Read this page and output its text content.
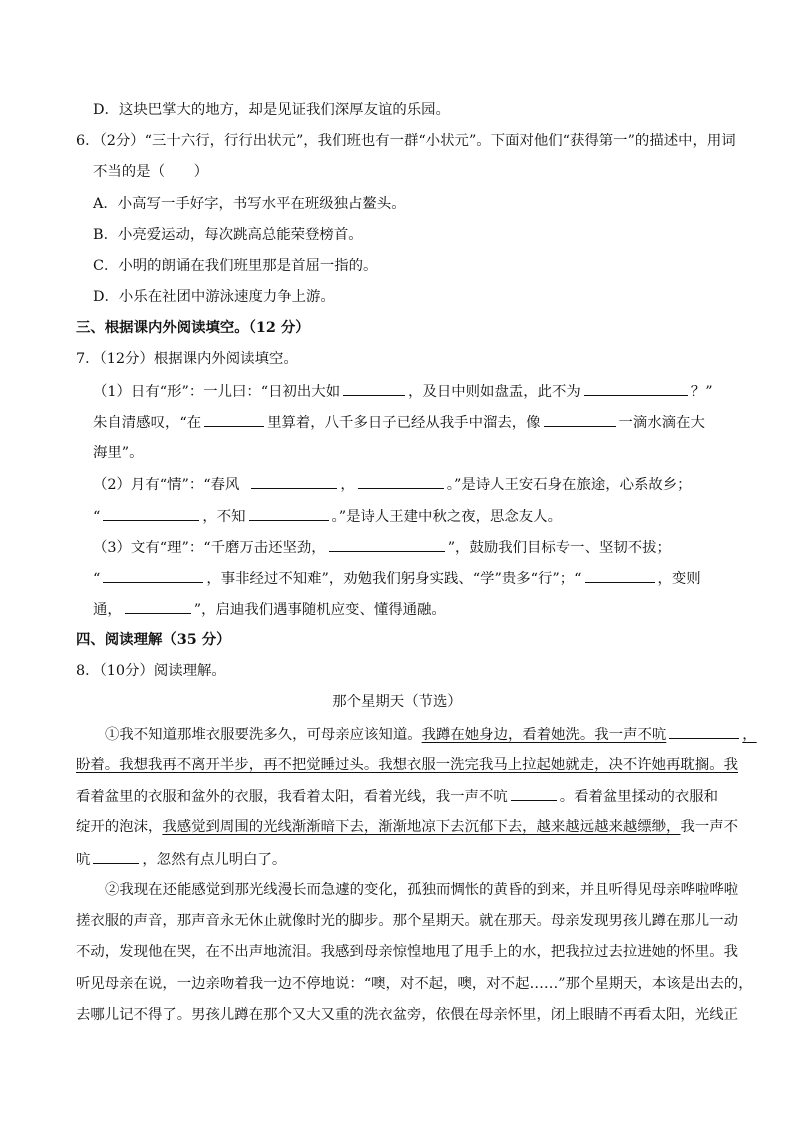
D．这块巴掌大的地方，却是见证我们深厚友谊的乐园。
6．（2分）“三十六行，行行出状元”，我们班也有一群“小状元”。下面对他们“获得第一”的描述中，用词
不当的是（　　）
A．小高写一手好字，书写水平在班级独占鳌头。
B．小亮爱运动，每次跳高总能荣登榜首。
C．小明的朗诵在我们班里那是首屈一指的。
D．小乐在社团中游泳速度力争上游。
三、根据课内外阅读填空。（12 分）
7．（12分）根据课内外阅读填空。
（1）日有“形”：一儿曰：“日初出大如	，及日中则如盘盂，此不为	？”
朱自清感叹，“在	里算着，八千多日子已经从我手中溜去，像	一滴水滴在大
海里”。
（2）月有“情”：“春风	，	。”是诗人王安石身在旅途，心系故乡；
“	，不知	。”是诗人王建中秋之夜，思念友人。
（3）文有“理”：“千磨万击还坚劲，	”，鼓励我们目标专一、坚韧不拔；
“	，事非经过不知难”，劝勉我们躬身实践、“学”贵多“行”；“	，变则
通，	”，启迪我们遇事随机应变、懂得通融。
四、阅读理解（35 分）
8．（10分）阅读理解。
那个星期天（节选）
①我不知道那堆衣服要洗多久，可母亲应该知道。我蹲在她身边，看着她洗。我一声不吭	，
盼着。我想我再不离开半步，再不把觉睡过头。我想衣服一洗完我马上拉起她就走，决不许她再耽搁。我
看着盆里的衣服和盆外的衣服，我看着太阳，看着光线，我一声不吭	。看着盆里揉动的衣服和
绽开的泡沫，我感觉到周围的光线渐渐暗下去，渐渐地凉下去沉郁下去，越来越远越来越缥缈，我一声不
吭	，忽然有点儿明白了。
②我现在还能感觉到那光线漫长而急遽的变化，孤独而惆怅的黄昏的到来，并且听得见母亲哗啦哗啦
搓衣服的声音，那声音永无休止就像时光的脚步。那个星期天。就在那天。母亲发现男孩儿蹲在那儿一动
不动，发现他在哭，在不出声地流泪。我感到母亲惊惶地甩了甩手上的水，把我拉过去拉进她的怀里。我
听见母亲在说，一边亲吻着我一边不停地说：“噢，对不起，噢，对不起……”那个星期天，本该是出去的，
去哪儿记不得了。男孩儿蹲在那个又大又重的洗衣盆旁，依偎在母亲怀里，闭上眼睛不再看太阳，光线正
